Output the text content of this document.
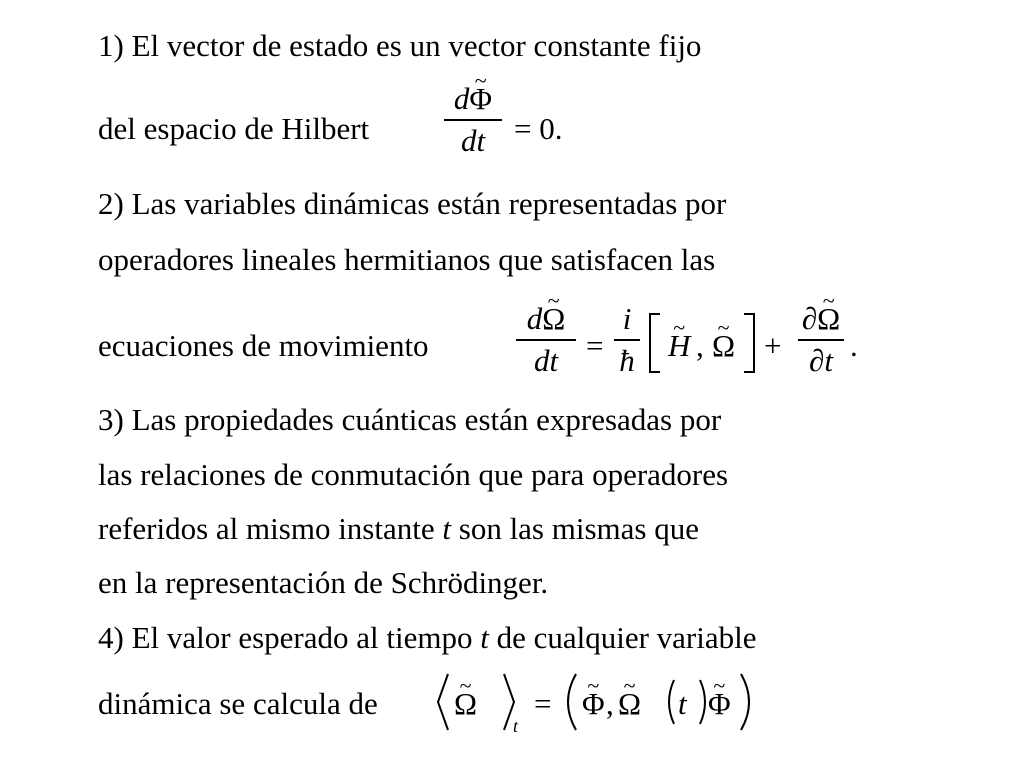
1) El vector de estado es un vector constante fijo
del espacio de Hilbert
d~ Φ
dt = 0.
2) Las variables dinámicas están representadas por
operadores lineales hermitianos que satisfacen las
ecuaciones de movimiento
d~ Ω
dt =
i
ħ ~ H , ~ Ω +
∂~ Ω
∂t .
3) Las propiedades cuánticas están expresadas por
las relaciones de conmutación que para operadores
referidos al mismo instante t son las mismas que
en la representación de Schrödinger.
4) El valor esperado al tiempo t de cualquier variable
dinámica se calcula de ~ Ω
t
= ~ Φ , ~ Ω t ~ Φ
